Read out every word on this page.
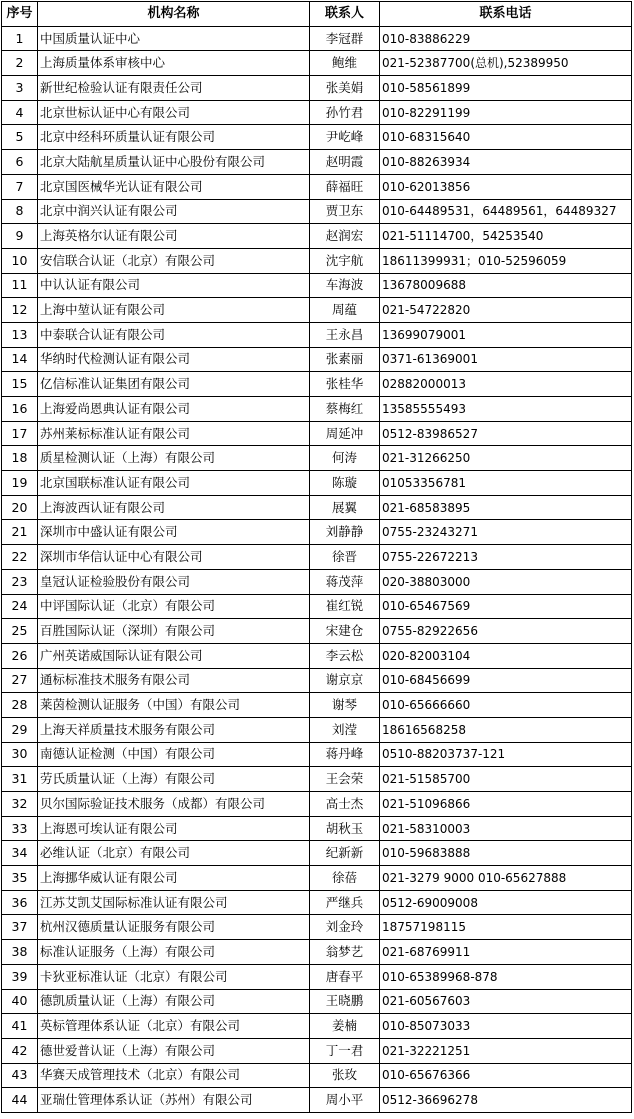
序号	机构名称	联系人	联系电话
1	中国质量认证中心	李冠群	010-83886229
2	上海质量体系审核中心	鲍维	021-52387700(总机),52389950
3	新世纪检验认证有限责任公司	张美娟	010-58561899
4	北京世标认证中心有限公司	孙竹君	010-82291199
5	北京中经科环质量认证有限公司	尹屹峰	010-68315640
6	北京大陆航星质量认证中心股份有限公司	赵明霞	010-88263934
7	北京国医械华光认证有限公司	薛福旺	010-62013856
8	北京中润兴认证有限公司	贾卫东	010-64489531，64489561，64489327
9	上海英格尔认证有限公司	赵润宏	021-51114700，54253540
10	安信联合认证（北京）有限公司	沈宇航	18611399931；010-52596059
11	中认认证有限公司	车海波	13678009688
12	上海中堃认证有限公司	周蕴	021-54722820
13	中泰联合认证有限公司	王永昌	13699079001
14	华纳时代检测认证有限公司	张素丽	0371-61369001
15	亿信标准认证集团有限公司	张桂华	02882000013
16	上海爱尚恩典认证有限公司	蔡梅红	13585555493
17	苏州莱标标准认证有限公司	周延冲	0512-83986527
18	质星检测认证（上海）有限公司	何涛	021-31266250
19	北京国联标准认证有限公司	陈璇	01053356781
20	上海波西认证有限公司	展翼	021-68583895
21	深圳市中盛认证有限公司	刘静静	0755-23243271
22	深圳市华信认证中心有限公司	徐晋	0755-22672213
23	皇冠认证检验股份有限公司	蒋茂萍	020-38803000
24	中评国际认证（北京）有限公司	崔红锐	010-65467569
25	百胜国际认证（深圳）有限公司	宋建仓	0755-82922656
26	广州英诺威国际认证有限公司	李云松	020-82003104
27	通标标准技术服务有限公司	谢京京	010-68456699
28	莱茵检测认证服务（中国）有限公司	谢琴	010-65666660
29	上海天祥质量技术服务有限公司	刘滢	18616568258
30	南德认证检测（中国）有限公司	蒋丹峰	0510-88203737-121
31	劳氏质量认证（上海）有限公司	王会荣	021-51585700
32	贝尔国际验证技术服务（成都）有限公司	高士杰	021-51096866
33	上海恩可埃认证有限公司	胡秋玉	021-58310003
34	必维认证（北京）有限公司	纪新新	010-59683888
35	上海挪华威认证有限公司	徐蓓	021-3279 9000 010-65627888
36	江苏艾凯艾国际标准认证有限公司	严继兵	0512-69009008
37	杭州汉德质量认证服务有限公司	刘金玲	18757198115
38	标准认证服务（上海）有限公司	翁梦艺	021-68769911
39	卡狄亚标准认证（北京）有限公司	唐春平	010-65389968-878
40	德凯质量认证（上海）有限公司	王晓鹏	021-60567603
41	英标管理体系认证（北京）有限公司	姜楠	010-85073033
42	德世爱普认证（上海）有限公司	丁一君	021-32221251
43	华赛天成管理技术（北京）有限公司	张玫	010-65676366
44	亚瑞仕管理体系认证（苏州）有限公司	周小平	0512-36696278
